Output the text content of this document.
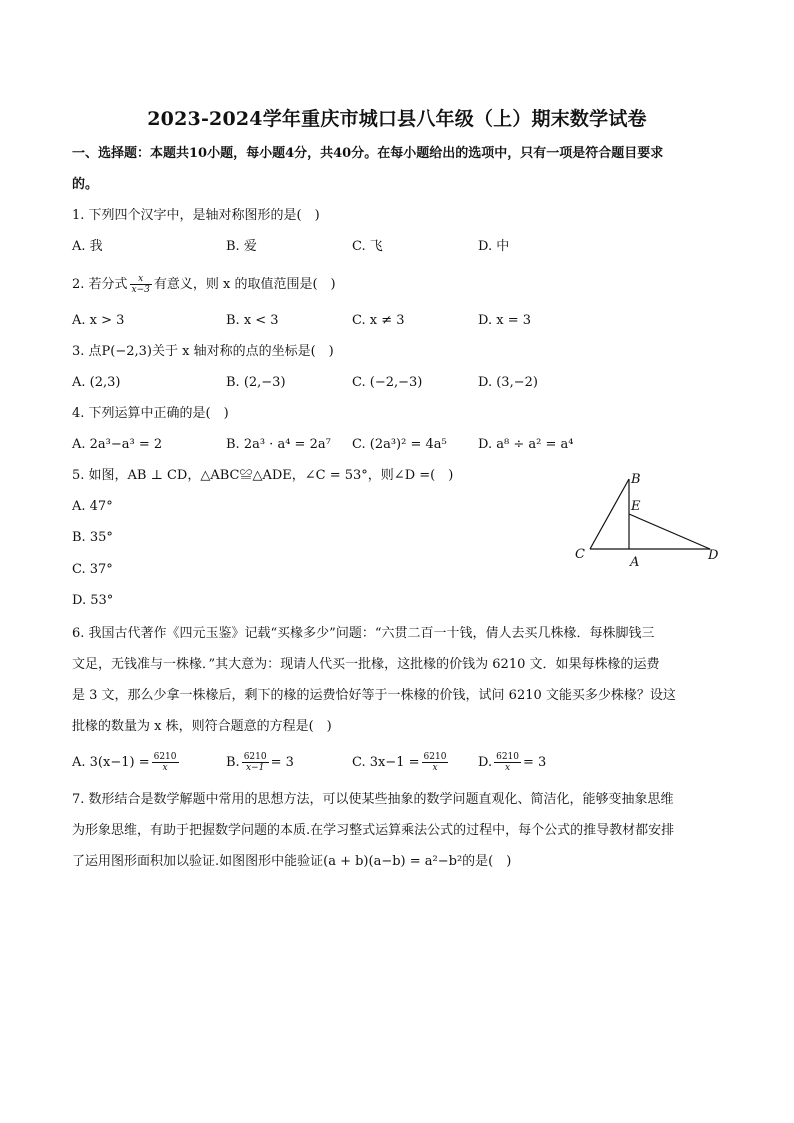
2023-2024学年重庆市城口县八年级（上）期末数学试卷
一、选择题：本题共10小题，每小题4分，共40分。在每小题给出的选项中，只有一项是符合题目要求
的。
1. 下列四个汉字中，是轴对称图形的是(　)
A. 我	B. 爱	C. 飞	D. 中
2. 若分式 $\frac{x}{x-3}$ 有意义，则 x 的取值范围是(　)
A. x > 3	B. x < 3	C. x ≠ 3	D. x = 3
3. 点P(−2,3)关于 x 轴对称的点的坐标是(　)
A. (2,3)	B. (2,−3)	C. (−2,−3)	D. (3,−2)
4. 下列运算中正确的是(　)
A. 2a³−a³ = 2	B. 2a³ · a⁴ = 2a⁷ C. (2a³)² = 4a⁵ D. a⁸ ÷ a² = a⁴
5. 如图，AB ⊥ CD，△ABC≌△ADE，∠C = 53°，则∠D =(　)
A. 47°
B. 35°
C. 37°
D. 53°
B
E
C
A	D
6. 我国古代著作《四元玉鉴》记载“买椽多少”问题：“六贯二百一十钱，倩人去买几株椽．每株脚钱三
文足，无钱准与一株椽．”其大意为：现请人代买一批椽，这批椽的价钱为 6210 文．如果每株椽的运费
是 3 文，那么少拿一株椽后，剩下的椽的运费恰好等于一株椽的价钱，试问 6210 文能买多少株椽？设这
批椽的数量为 x 株，则符合题意的方程是(　)
A. $3(x-1) = \frac{6210}{x}$	B. $\frac{6210}{x-1} = 3$	C. $3x-1 = \frac{6210}{x} D$. $\frac{6210}{x} = 3$
7. 数形结合是数学解题中常用的思想方法，可以使某些抽象的数学问题直观化、简洁化，能够变抽象思维
为形象思维，有助于把握数学问题的本质.在学习整式运算乘法公式的过程中，每个公式的推导教材都安排
了运用图形面积加以验证.如图图形中能验证(a + b)(a−b) = a²−b²的是(　)
